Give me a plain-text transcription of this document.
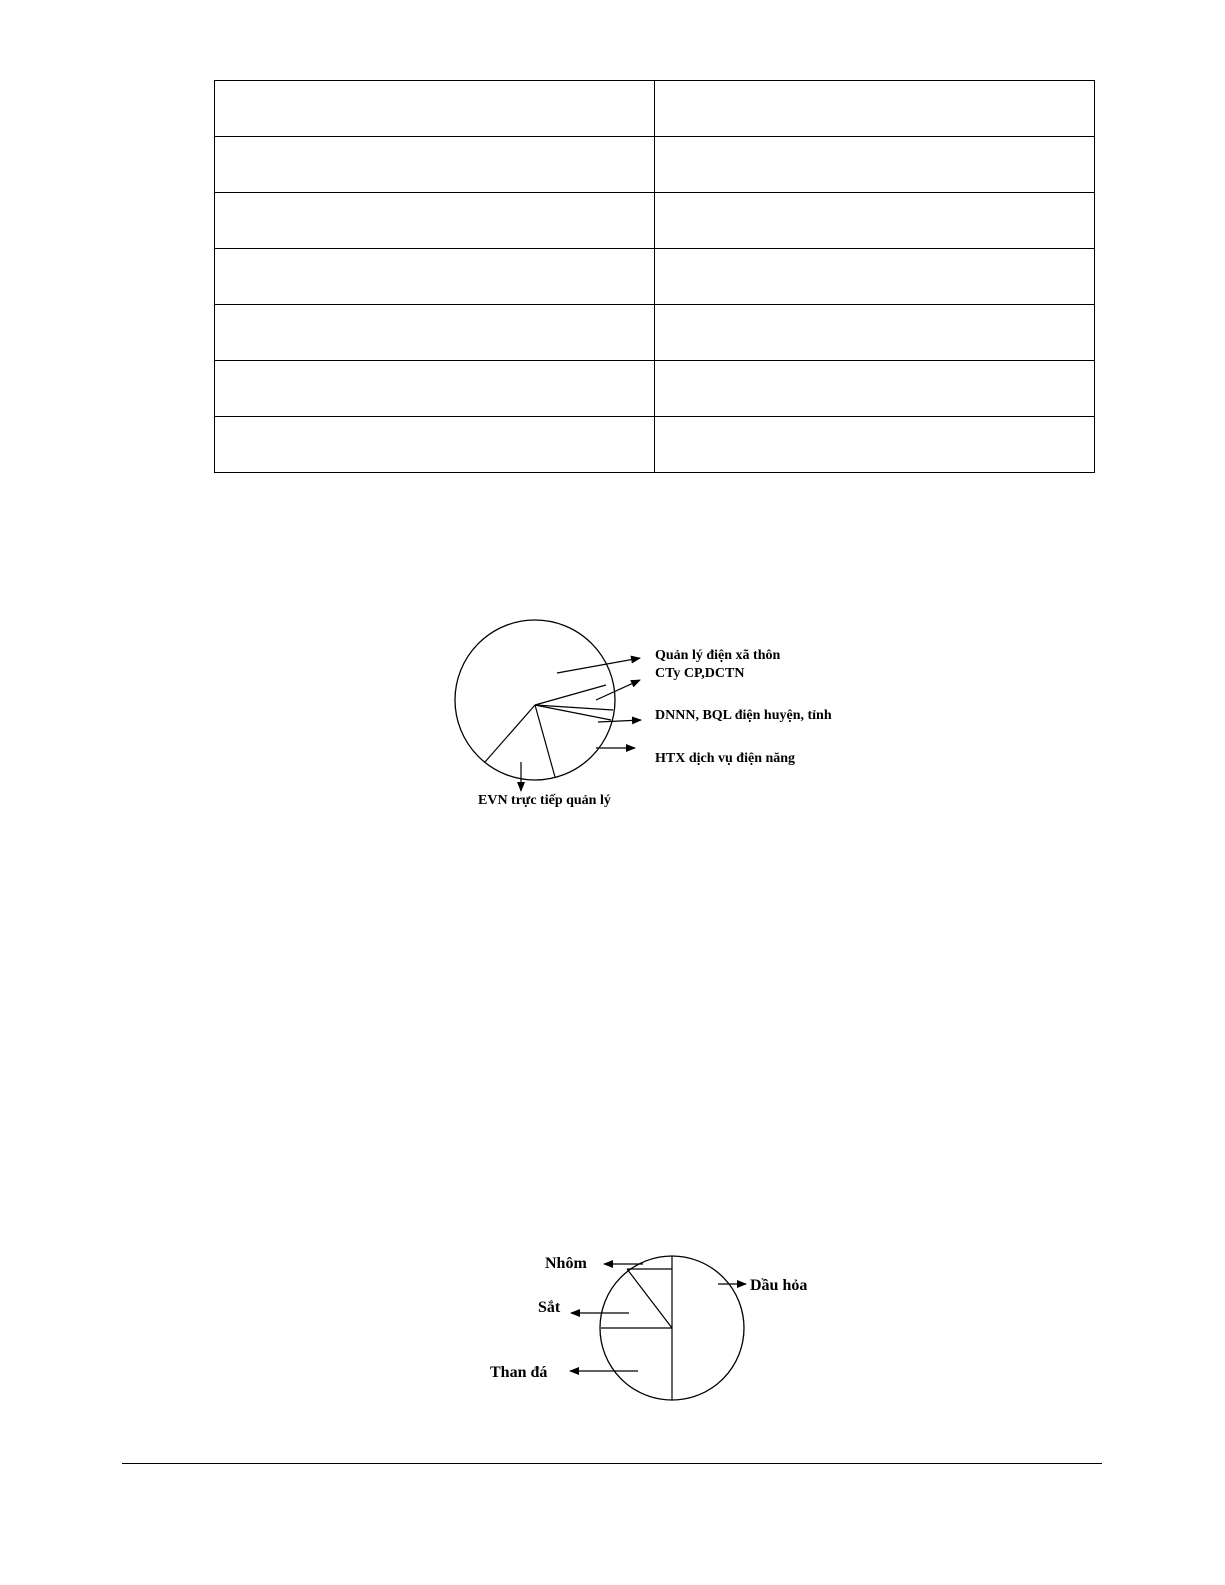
Quản lý điện xã thôn
CTy CP,DCTN
DNNN, BQL điện huyện, tỉnh
HTX dịch vụ điện năng
EVN trực tiếp quản lý
Dầu hỏa
Nhôm
Sắt
Than đá
